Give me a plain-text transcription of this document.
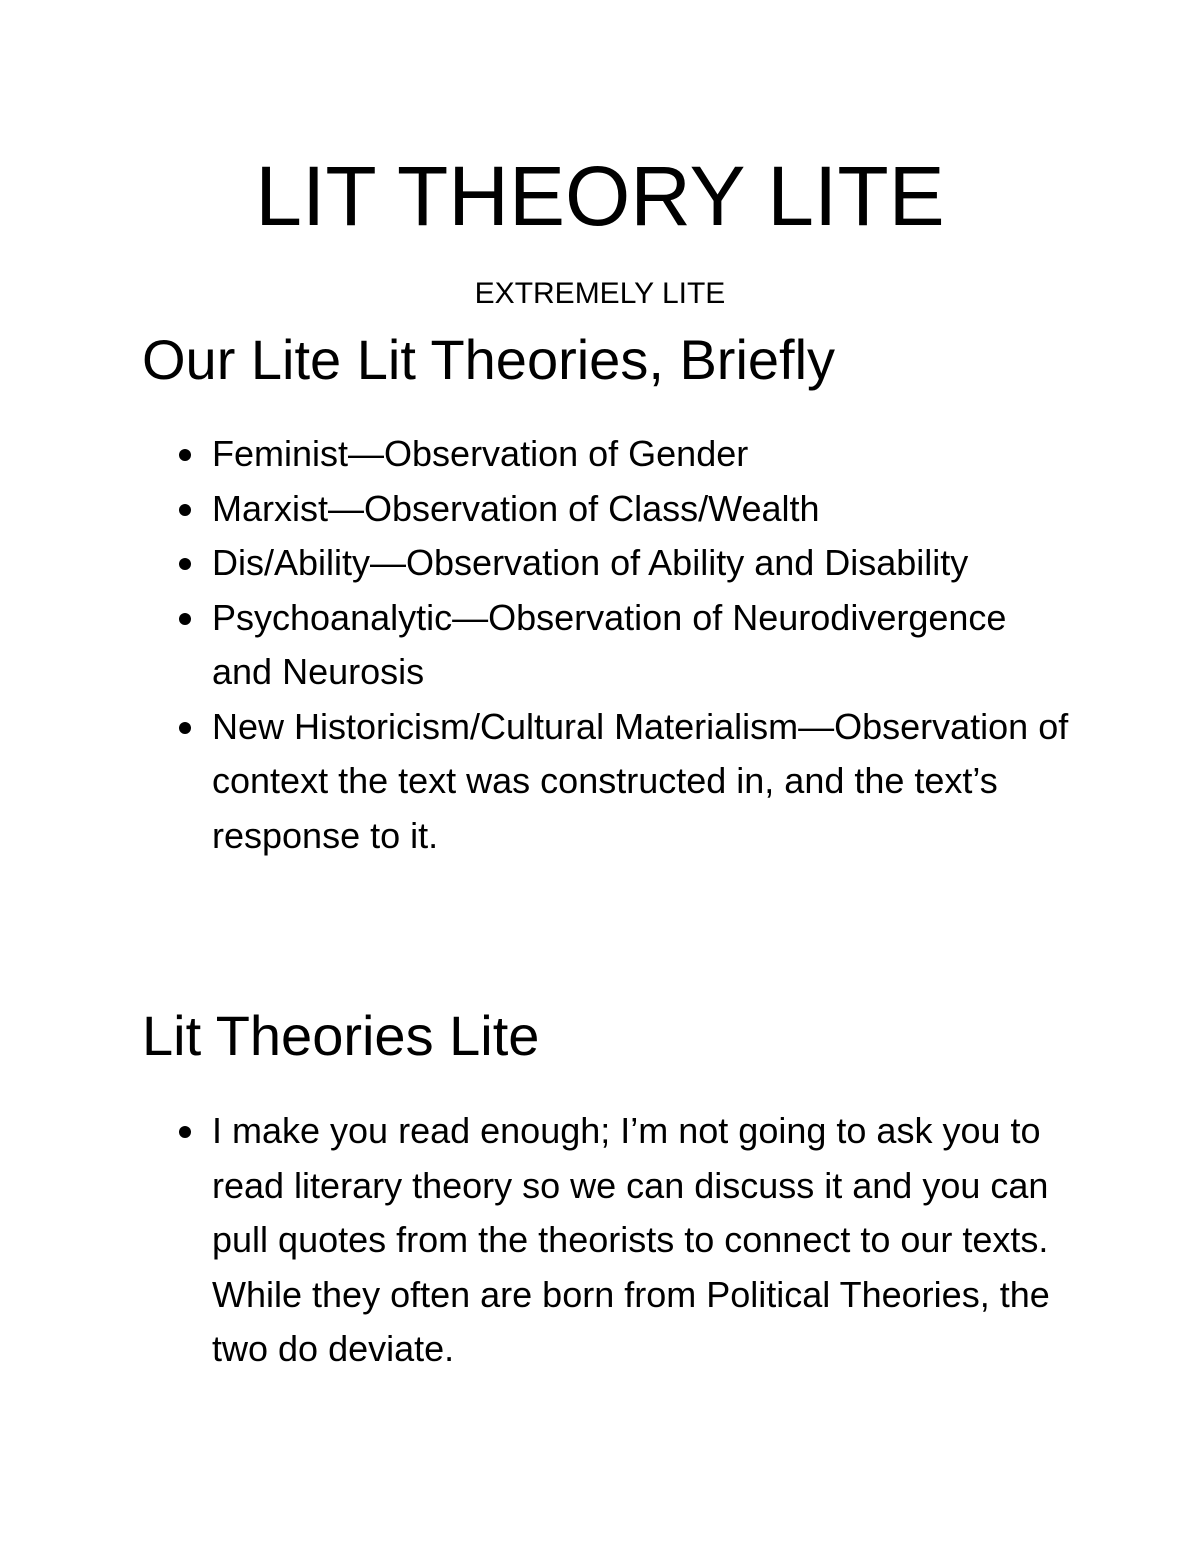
LIT THEORY LITE
EXTREMELY LITE
Our Lite Lit Theories, Briefly
Feminist—Observation of Gender
Marxist—Observation of Class/Wealth
Dis/Ability—Observation of Ability and Disability
Psychoanalytic—Observation of Neurodivergence and Neurosis
New Historicism/Cultural Materialism—Observation of context the text was constructed in, and the text’s response to it.
Lit Theories Lite
I make you read enough; I’m not going to ask you to read literary theory so we can discuss it and you can pull quotes from the theorists to connect to our texts. While they often are born from Political Theories, the two do deviate.
